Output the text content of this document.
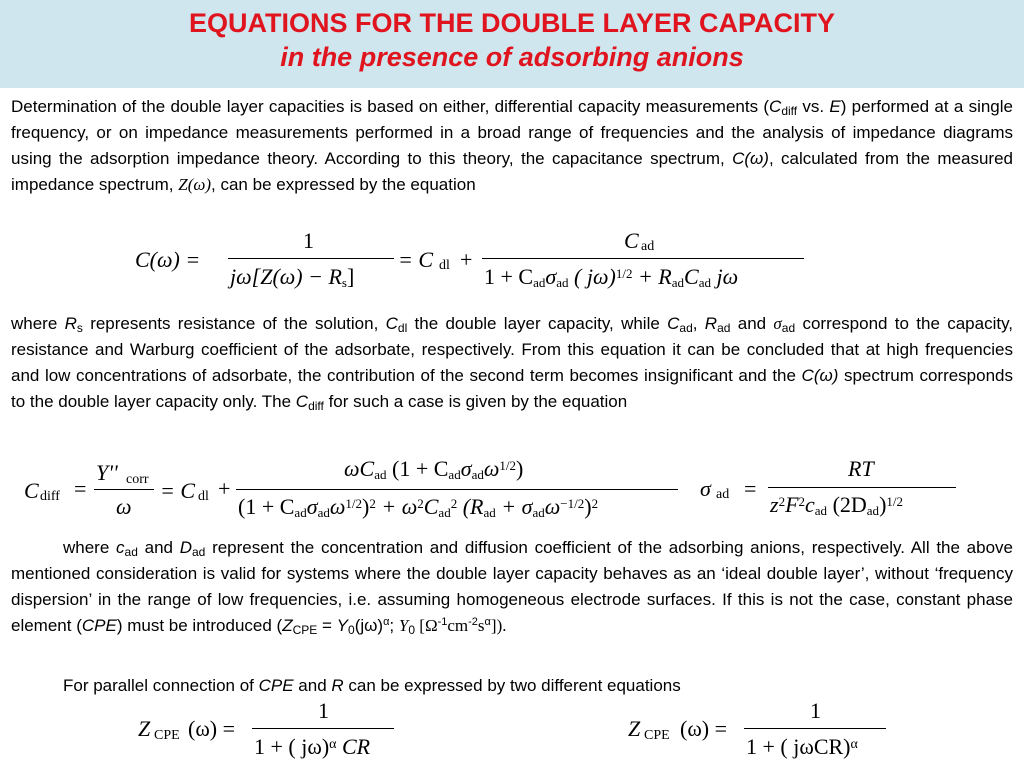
EQUATIONS FOR THE DOUBLE LAYER CAPACITY
in the presence of adsorbing anions
Determination of the double layer capacities is based on either, differential capacity measurements ($C_{diff}$ vs. E) performed at a single frequency, or on impedance measurements performed in a broad range of frequencies and the analysis of impedance diagrams using the adsorption impedance theory. According to this theory, the capacitance spectrum, C(ω), calculated from the measured impedance spectrum, Z(ω), can be expressed by the equation
C(ω) =
1
$j\omega[Z(\omega) - R_s]$
= C dl +
C ad
$1 + C_{ad}\sigma_{ad}$ ( $j\omega)^{1/2} + R_{ad}C_{ad}$ jω
where $R_s$ represents resistance of the solution, $C_{dl}$ the double layer capacity, while $C_{ad}$, $R_{ad}$ and $\sigma_{ad}$ correspond to the capacity, resistance and Warburg coefficient of the adsorbate, respectively. From this equation it can be concluded that at high frequencies and low concentrations of adsorbate, the contribution of the second term becomes insignificant and the C(ω) spectrum corresponds to the double layer capacity only. The $C_{diff}$ for such a case is given by the equation
C diff =
Y'' corr
ω
= C dl +
$\omega C_{ad}$ $(1 + C_{ad}\sigma_{ad}\omega^{1/2})$
$(1 + C_{ad}\sigma_{ad}\omega^{1/2})^2 + \omega^2C_{ad}^2$ $(R_{ad} + \sigma_{ad}\omega^{-1/2})^2$
σ ad =
RT
$z^2F^2c_{ad}$ $(2D_{ad})^{1/2}$
where $c_{ad}$ and $D_{ad}$ represent the concentration and diffusion coefficient of the adsorbing anions, respectively. All the above mentioned consideration is valid for systems where the double layer capacity behaves as an ‘ideal double layer’, without ‘frequency dispersion’ in the range of low frequencies, i.e. assuming homogeneous electrode surfaces. If this is not the case, constant phase element (CPE) must be introduced ($Z_{CPE} = Y_0(j\omega)^\alpha$; $Y_0$ $[\Omega^{-1}cm^{-2}s^\alpha]$).
For parallel connection of CPE and R can be expressed by two different equations
Z CPE (ω) =
1
1 + ( jω)$^\alpha$ CR
Z CPE (ω) =
1
1 + ( jωCR)$^\alpha$
